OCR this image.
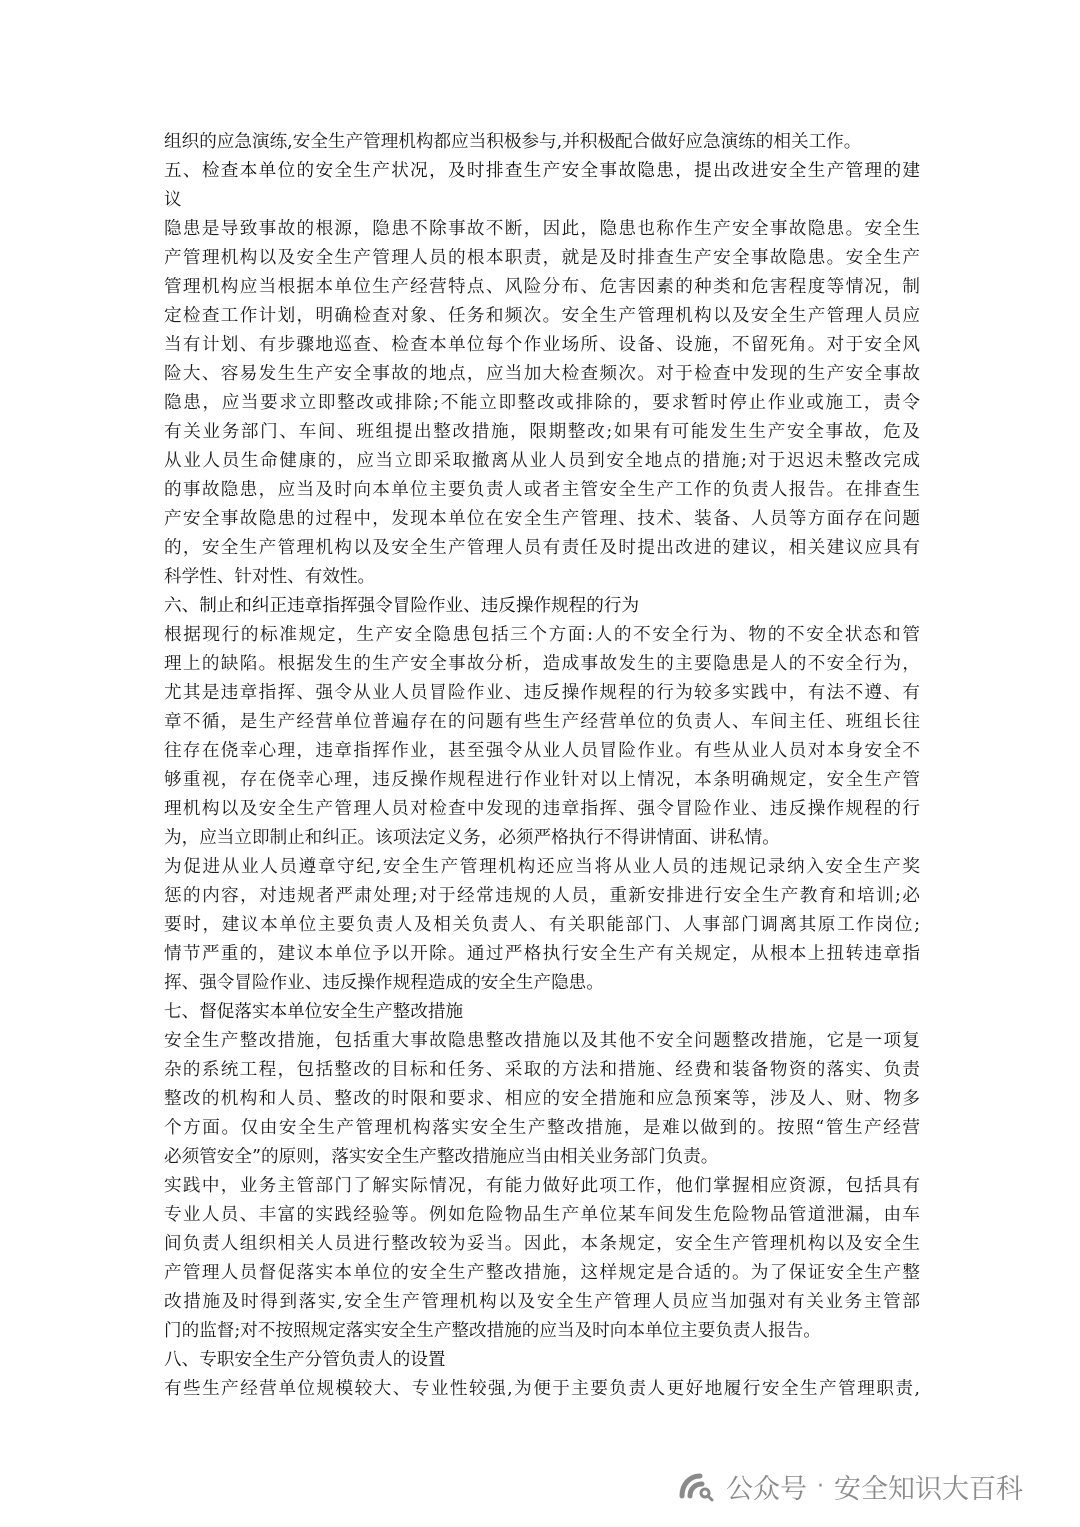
组织的应急演练,安全生产管理机构都应当积极参与,并积极配合做好应急演练的相关工作。
五、检查本单位的安全生产状况，及时排查生产安全事故隐患，提出改进安全生产管理的建
议
隐患是导致事故的根源，隐患不除事故不断，因此，隐患也称作生产安全事故隐患。安全生
产管理机构以及安全生产管理人员的根本职责，就是及时排查生产安全事故隐患。安全生产
管理机构应当根据本单位生产经营特点、风险分布、危害因素的种类和危害程度等情况，制
定检查工作计划，明确检查对象、任务和频次。安全生产管理机构以及安全生产管理人员应
当有计划、有步骤地巡查、检查本单位每个作业场所、设备、设施，不留死角。对于安全风
险大、容易发生生产安全事故的地点，应当加大检查频次。对于检查中发现的生产安全事故
隐患，应当要求立即整改或排除;不能立即整改或排除的，要求暂时停止作业或施工，责令
有关业务部门、车间、班组提出整改措施，限期整改;如果有可能发生生产安全事故，危及
从业人员生命健康的，应当立即采取撤离从业人员到安全地点的措施;对于迟迟未整改完成
的事故隐患，应当及时向本单位主要负责人或者主管安全生产工作的负责人报告。在排查生
产安全事故隐患的过程中，发现本单位在安全生产管理、技术、装备、人员等方面存在问题
的，安全生产管理机构以及安全生产管理人员有责任及时提出改进的建议，相关建议应具有
科学性、针对性、有效性。
六、制止和纠正违章指挥强令冒险作业、违反操作规程的行为
根据现行的标准规定，生产安全隐患包括三个方面:人的不安全行为、物的不安全状态和管
理上的缺陷。根据发生的生产安全事故分析，造成事故发生的主要隐患是人的不安全行为，
尤其是违章指挥、强令从业人员冒险作业、违反操作规程的行为较多实践中，有法不遵、有
章不循，是生产经营单位普遍存在的问题有些生产经营单位的负责人、车间主任、班组长往
往存在侥幸心理，违章指挥作业，甚至强令从业人员冒险作业。有些从业人员对本身安全不
够重视，存在侥幸心理，违反操作规程进行作业针对以上情况，本条明确规定，安全生产管
理机构以及安全生产管理人员对检查中发现的违章指挥、强令冒险作业、违反操作规程的行
为，应当立即制止和纠正。该项法定义务，必须严格执行不得讲情面、讲私情。
为促进从业人员遵章守纪,安全生产管理机构还应当将从业人员的违规记录纳入安全生产奖
惩的内容，对违规者严肃处理;对于经常违规的人员，重新安排进行安全生产教育和培训;必
要时，建议本单位主要负责人及相关负责人、有关职能部门、人事部门调离其原工作岗位;
情节严重的，建议本单位予以开除。通过严格执行安全生产有关规定，从根本上扭转违章指
挥、强令冒险作业、违反操作规程造成的安全生产隐患。
七、督促落实本单位安全生产整改措施
安全生产整改措施，包括重大事故隐患整改措施以及其他不安全问题整改措施，它是一项复
杂的系统工程，包括整改的目标和任务、采取的方法和措施、经费和装备物资的落实、负责
整改的机构和人员、整改的时限和要求、相应的安全措施和应急预案等，涉及人、财、物多
个方面。仅由安全生产管理机构落实安全生产整改措施，是难以做到的。按照“管生产经营
必须管安全”的原则，落实安全生产整改措施应当由相关业务部门负责。
实践中，业务主管部门了解实际情况，有能力做好此项工作，他们掌握相应资源，包括具有
专业人员、丰富的实践经验等。例如危险物品生产单位某车间发生危险物品管道泄漏，由车
间负责人组织相关人员进行整改较为妥当。因此，本条规定，安全生产管理机构以及安全生
产管理人员督促落实本单位的安全生产整改措施，这样规定是合适的。为了保证安全生产整
改措施及时得到落实,安全生产管理机构以及安全生产管理人员应当加强对有关业务主管部
门的监督;对不按照规定落实安全生产整改措施的应当及时向本单位主要负责人报告。
八、专职安全生产分管负责人的设置
有些生产经营单位规模较大、专业性较强,为便于主要负责人更好地履行安全生产管理职责,
公众号 · 安全知识大百科
